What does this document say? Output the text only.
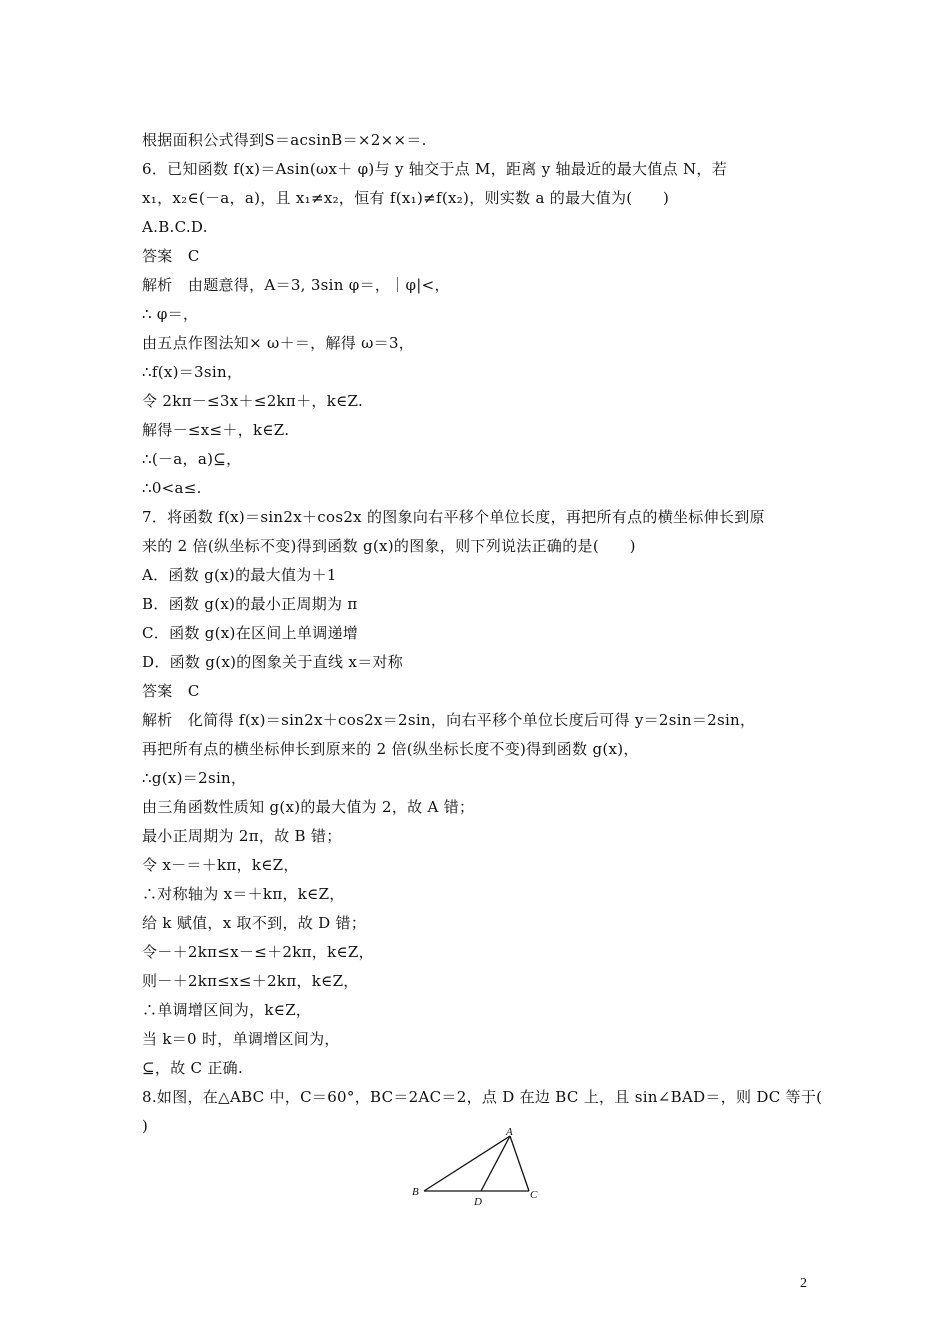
根据面积公式得到S＝acsinB＝×2××＝.
6．已知函数 f(x)＝Asin(ωx＋ φ)与 y 轴交于点 M，距离 y 轴最近的最大值点 N，若
x₁，x₂∈(－a，a)，且 x₁≠x₂，恒有 f(x₁)≠f(x₂)，则实数 a 的最大值为(　　)
A.B.C.D.
答案　C
解析　由题意得，A＝3, 3sin φ＝，｜φ|<，
∴ φ＝，
由五点作图法知× ω＋＝，解得 ω＝3，
∴f(x)＝3sin，
令 2kπ－≤3x＋≤2kπ＋，k∈Z.
解得－≤x≤＋，k∈Z.
∴(－a，a)⊆，
∴0<a≤.
7．将函数 f(x)＝sin2x＋cos2x 的图象向右平移个单位长度，再把所有点的横坐标伸长到原
来的 2 倍(纵坐标不变)得到函数 g(x)的图象，则下列说法正确的是(　　)
A．函数 g(x)的最大值为＋1
B．函数 g(x)的最小正周期为 π
C．函数 g(x)在区间上单调递增
D．函数 g(x)的图象关于直线 x＝对称
答案　C
解析　化简得 f(x)＝sin2x＋cos2x＝2sin，向右平移个单位长度后可得 y＝2sin＝2sin，
再把所有点的横坐标伸长到原来的 2 倍(纵坐标长度不变)得到函数 g(x)，
∴g(x)＝2sin，
由三角函数性质知 g(x)的最大值为 2，故 A 错；
最小正周期为 2π，故 B 错；
令 x－＝＋kπ，k∈Z，
∴对称轴为 x＝＋kπ，k∈Z，
给 k 赋值，x 取不到，故 D 错；
令－＋2kπ≤x－≤＋2kπ，k∈Z，
则－＋2kπ≤x≤＋2kπ，k∈Z，
∴单调增区间为，k∈Z，
当 k＝0 时，单调增区间为，
⊆，故 C 正确.
8.如图，在△ABC 中，C＝60°，BC＝2AC＝2，点 D 在边 BC 上，且 sin∠BAD＝，则 DC 等于(
)	A
B	C
D
2
